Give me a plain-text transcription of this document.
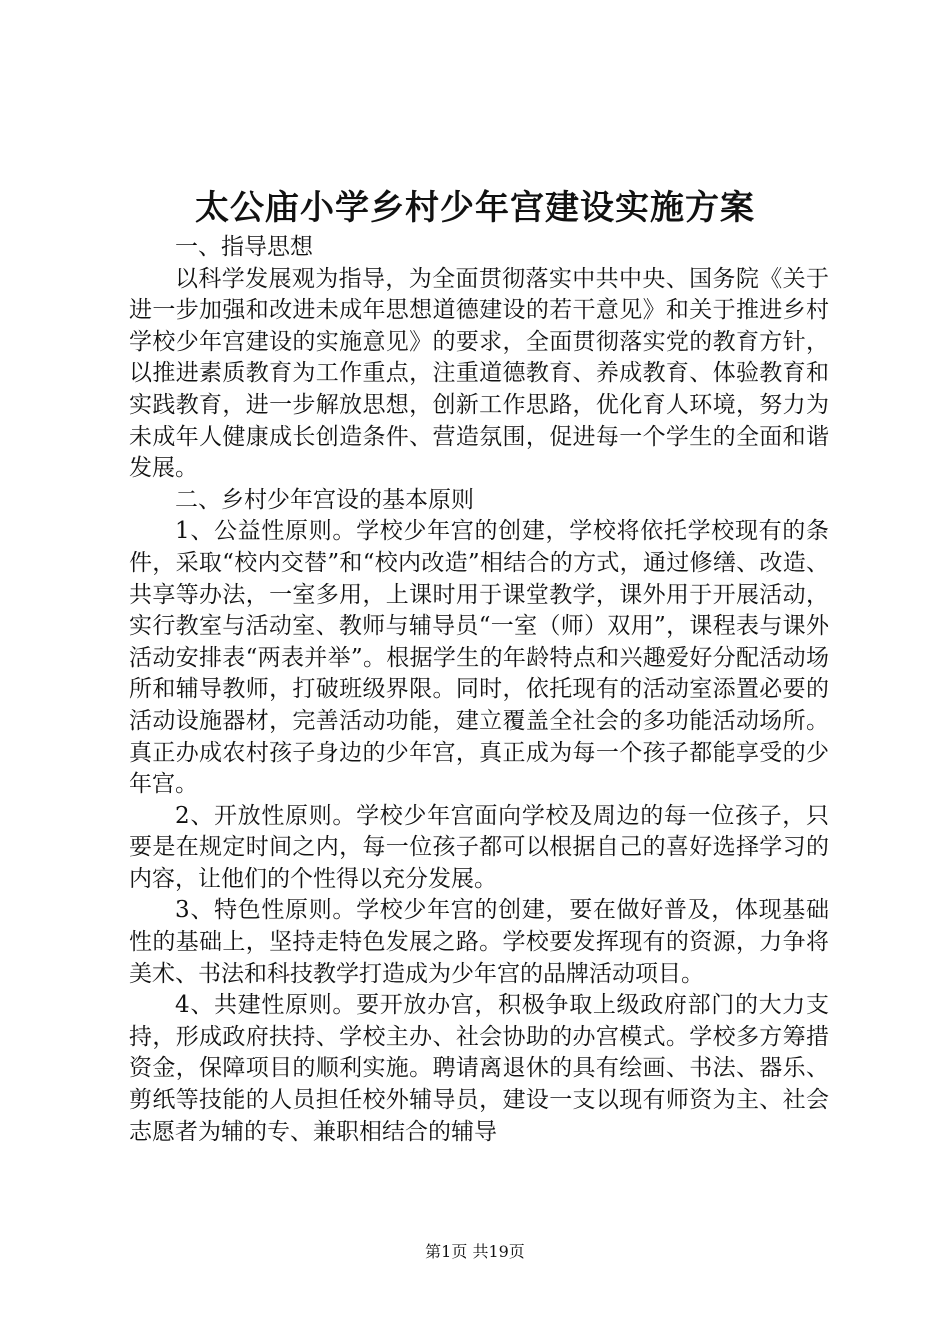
太公庙小学乡村少年宫建设实施方案

一、指导思想

以科学发展观为指导，为全面贯彻落实中共中央、国务院《关于进一步加强和改进未成年思想道德建设的若干意见》和关于推进乡村学校少年宫建设的实施意见》的要求，全面贯彻落实党的教育方针，以推进素质教育为工作重点，注重道德教育、养成教育、体验教育和实践教育，进一步解放思想，创新工作思路，优化育人环境，努力为未成年人健康成长创造条件、营造氛围，促进每一个学生的全面和谐发展。

二、乡村少年宫设的基本原则

1、公益性原则。学校少年宫的创建，学校将依托学校现有的条件，采取“校内交替”和“校内改造”相结合的方式，通过修缮、改造、共享等办法，一室多用，上课时用于课堂教学，课外用于开展活动，实行教室与活动室、教师与辅导员“一室（师）双用”，课程表与课外活动安排表“两表并举”。根据学生的年龄特点和兴趣爱好分配活动场所和辅导教师，打破班级界限。同时，依托现有的活动室添置必要的活动设施器材，完善活动功能，建立覆盖全社会的多功能活动场所。真正办成农村孩子身边的少年宫，真正成为每一个孩子都能享受的少年宫。

2、开放性原则。学校少年宫面向学校及周边的每一位孩子，只要是在规定时间之内，每一位孩子都可以根据自己的喜好选择学习的内容，让他们的个性得以充分发展。

3、特色性原则。学校少年宫的创建，要在做好普及，体现基础性的基础上，坚持走特色发展之路。学校要发挥现有的资源，力争将美术、书法和科技教学打造成为少年宫的品牌活动项目。

4、共建性原则。要开放办宫，积极争取上级政府部门的大力支持，形成政府扶持、学校主办、社会协助的办宫模式。学校多方筹措资金，保障项目的顺利实施。聘请离退休的具有绘画、书法、器乐、剪纸等技能的人员担任校外辅导员，建设一支以现有师资为主、社会志愿者为辅的专、兼职相结合的辅导

第1页 共19页
